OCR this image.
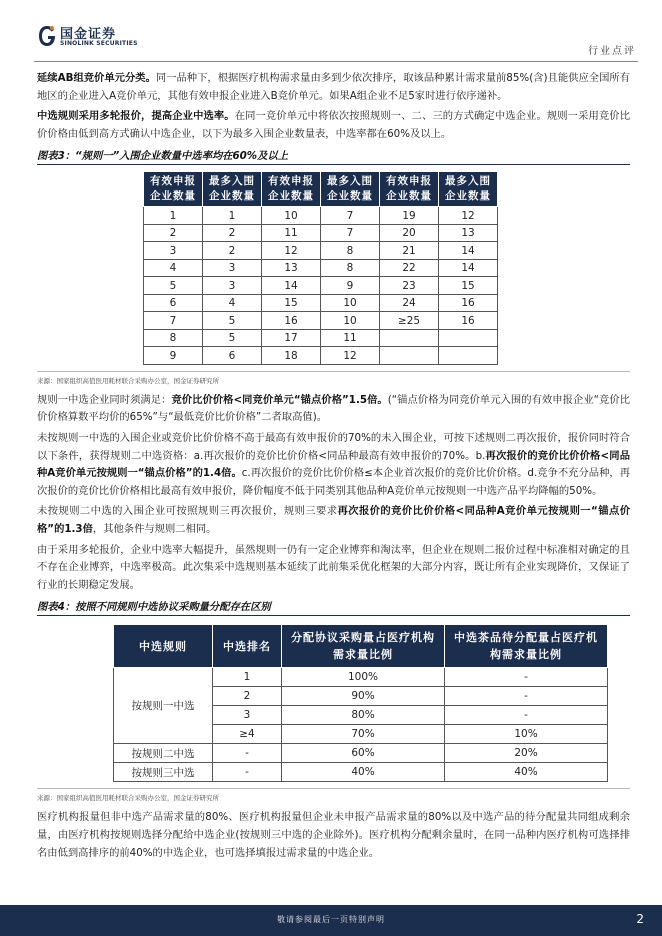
国金证券
SINOLINK SECURITIES
行业点评

延续AB组竞价单元分类。同一品种下，根据医疗机构需求量由多到少依次排序，取该品种累计需求量前85%(含)且能供应全国所有地区的企业进入A竞价单元，其他有效申报企业进入B竞价单元。如果A组企业不足5家时进行依序递补。

中选规则采用多轮报价，提高企业中选率。在同一竞价单元中将依次按照规则一、二、三的方式确定中选企业。规则一采用竞价比价价格由低到高方式确认中选企业，以下为最多入围企业数量表，中选率都在60%及以上。

图表3：“规则一”入围企业数量中选率均在60%及以上
有效申报企业数量	最多入围企业数量	有效申报企业数量	最多入围企业数量	有效申报企业数量	最多入围企业数量
1	1	10	7	19	12
2	2	11	7	20	13
3	2	12	8	21	14
4	3	13	8	22	14
5	3	14	9	23	15
6	4	15	10	24	16
7	5	16	10	≥25	16
8	5	17	11		
9	6	18	12		
来源：国家组织高值医用耗材联合采购办公室，国金证券研究所

规则一中选企业同时须满足：竞价比价价格<同竞价单元“锚点价格”1.5倍。(“锚点价格为同竞价单元入围的有效申报企业“竞价比价价格算数平均价的65%”与“最低竞价比价价格”二者取高值)。

未按规则一中选的入围企业或竞价比价价格不高于最高有效申报价的70%的未入围企业，可按下述规则二再次报价，报价同时符合以下条件，获得规则二中选资格：a.再次报价的竞价比价价格<同品种最高有效申报价的70%。b.再次报价的竞价比价价格<同品种A竞价单元按规则一“锚点价格”的1.4倍。c.再次报价的竞价比价价格≤本企业首次报价的竞价比价价格。d.竞争不充分品种，再次报价的竞价比价价格相比最高有效申报价，降价幅度不低于同类别其他品种A竞价单元按规则一中选产品平均降幅的50%。

未按规则二中选的入围企业可按照规则三再次报价，规则三要求再次报价的竞价比价价格<同品种A竞价单元按规则一“锚点价格”的1.3倍，其他条件与规则二相同。

由于采用多轮报价，企业中选率大幅提升，虽然规则一仍有一定企业博弈和淘汰率，但企业在规则二报价过程中标准相对确定的且不存在企业博弈，中选率极高。此次集采中选规则基本延续了此前集采优化框架的大部分内容，既让所有企业实现降价，又保证了行业的长期稳定发展。

图表4：按照不同规则中选协议采购量分配存在区别
中选规则	中选排名	分配协议采购量占医疗机构需求量比例	中选茶品待分配量占医疗机构需求量比例
按规则一中选	1	100%	-
	2	90%	-
	3	80%	-
	≥4	70%	10%
按规则二中选	-	60%	20%
按规则三中选	-	40%	40%
来源：国家组织高值医用耗材联合采购办公室，国金证券研究所

医疗机构报量但非中选产品需求量的80%、医疗机构报量但企业未申报产品需求量的80%以及中选产品的待分配量共同组成剩余量，由医疗机构按规则选择分配给中选企业(按规则三中选的企业除外)。医疗机构分配剩余量时，在同一品种内医疗机构可选择排名由低到高排序的前40%的中选企业，也可选择填报过需求量的中选企业。

敬请参阅最后一页特别声明	2
